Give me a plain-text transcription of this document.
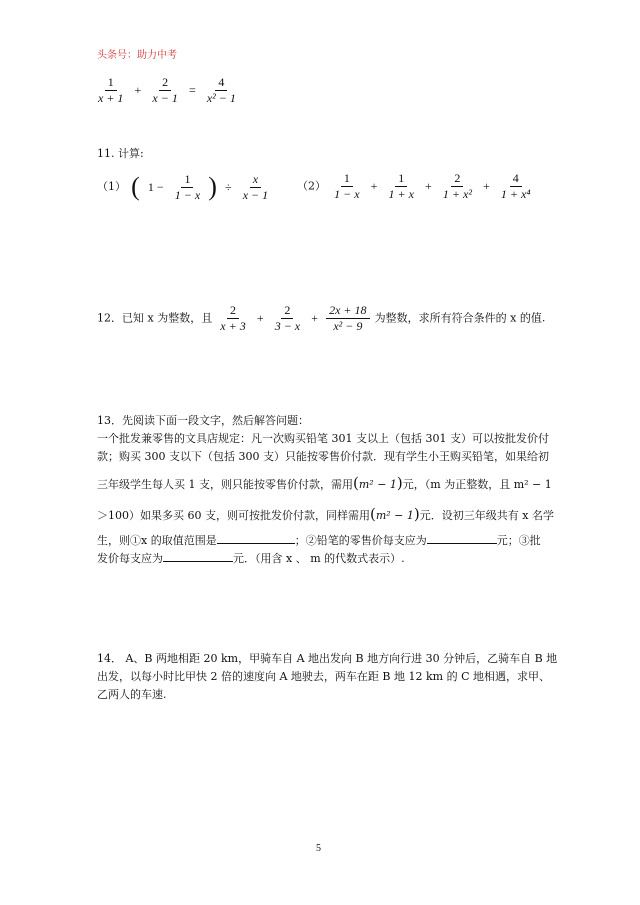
头条号：助力中考
$\frac{1}{x + 1} + \frac{2}{x - 1} = \frac{4}{\text{x² − 1}}$
11. 计算:
（1） ( $1 - \frac{1}{1 - x}$ ) ÷ $\frac{x}{x - 1} (2) \frac{1}{1 - x} + \frac{1}{1 + x} + \frac{2}{\text{1 + x²}} + \frac{4}{\text{1 + x⁴}}$
12．已知 x 为整数，且 $\frac{2}{x + 3} + \frac{2}{3 - x} + \frac{2x + 18}{\text{x² − 9}}$ 为整数，求所有符合条件的 x 的值.
13．先阅读下面一段文字，然后解答问题：
一个批发兼零售的文具店规定：凡一次购买铅笔 301 支以上（包括 301 支）可以按批发价付
款；购买 300 支以下（包括 300 支）只能按零售价付款．现有学生小王购买铅笔，如果给初
三年级学生每人买 1 支，则只能按零售价付款，需用(m² − 1)元，（m 为正整数，且 m² − 1
＞100）如果多买 60 支，则可按批发价付款，同样需用(m² − 1)元．设初三年级共有 x 名学
生，则①x 的取值范围是	；②铅笔的零售价每支应为	元；③批
发价每支应为	元．（用含 x 、 m 的代数式表示）.
14． A、B 两地相距 20 km，甲骑车自 A 地出发向 B 地方向行进 30 分钟后，乙骑车自 B 地
出发，以每小时比甲快 2 倍的速度向 A 地驶去，两车在距 B 地 12 km 的 C 地相遇，求甲、
乙两人的车速.
5
